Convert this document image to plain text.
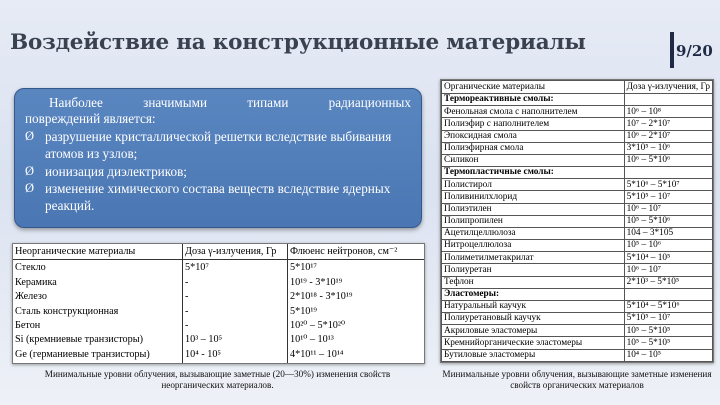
Воздействие на конструкционные материалы	9/20
Наиболее значимыми типами радиационных
повреждений является:
Ø разрушение кристаллической решетки вследствие выбивания атомов из узлов;
Ø ионизация диэлектриков;
Ø изменение химического состава веществ вследствие ядерных реакций.
Неорганические материалы	Доза γ-излучения, Гр	Флюенс нейтронов, см⁻²
Стекло	5*10⁷	5*10¹⁷
Керамика	-	10¹⁹ - 3*10¹⁹
Железо	-	2*10¹⁸ - 3*10¹⁹
Сталь конструкционная	-	5*10¹⁹
Бетон	-	10²⁰ – 5*10²⁰
Si (кремниевые транзисторы)	10³ – 10⁵	10¹⁰ – 10¹³
Ge (германиевые транзисторы)	10⁴ - 10⁵	4*10¹¹ – 10¹⁴
Минимальные уровни облучения, вызывающие заметные (20—30%) изменения свойств неорганических материалов.
Органические материалы	Доза γ-излучения, Гр
Термореактивные смолы:	
Фенольная смола с наполнителем	10⁶ – 10⁸
Полиэфир с наполнителем	10⁷ – 2*10⁷
Эпоксидная смола	10⁶ – 2*10⁷
Полиэфирная смола	3*10⁵ – 10⁶
Силикон	10⁶ – 5*10⁶
Термопластичные смолы:	
Полистирол	5*10⁶ – 5*10⁷
Поливинилхлорид	5*10⁵ – 10⁷
Полиэтилен	10⁶ – 10⁷
Полипропилен	10⁵ – 5*10⁶
Ацетилцеллюлоза	104 – 3*105
Нитроцеллюлоза	10⁵ – 10⁶
Полиметилметакрилат	5*10⁴ – 10⁵
Полиуретан	10⁶ – 10⁷
Тефлон	2*10³ – 5*10⁵
Эластомеры:	
Натуральный каучук	5*10⁴ – 5*10⁶
Полиуретановый каучук	5*10⁵ – 10⁷
Акриловые эластомеры	10⁵ – 5*10⁵
Кремнийорганические эластомеры	10⁵ – 5*10⁵
Бутиловые эластомеры	10⁴ – 10⁵
Минимальные уровни облучения, вызывающие заметные изменения свойств органических материалов
